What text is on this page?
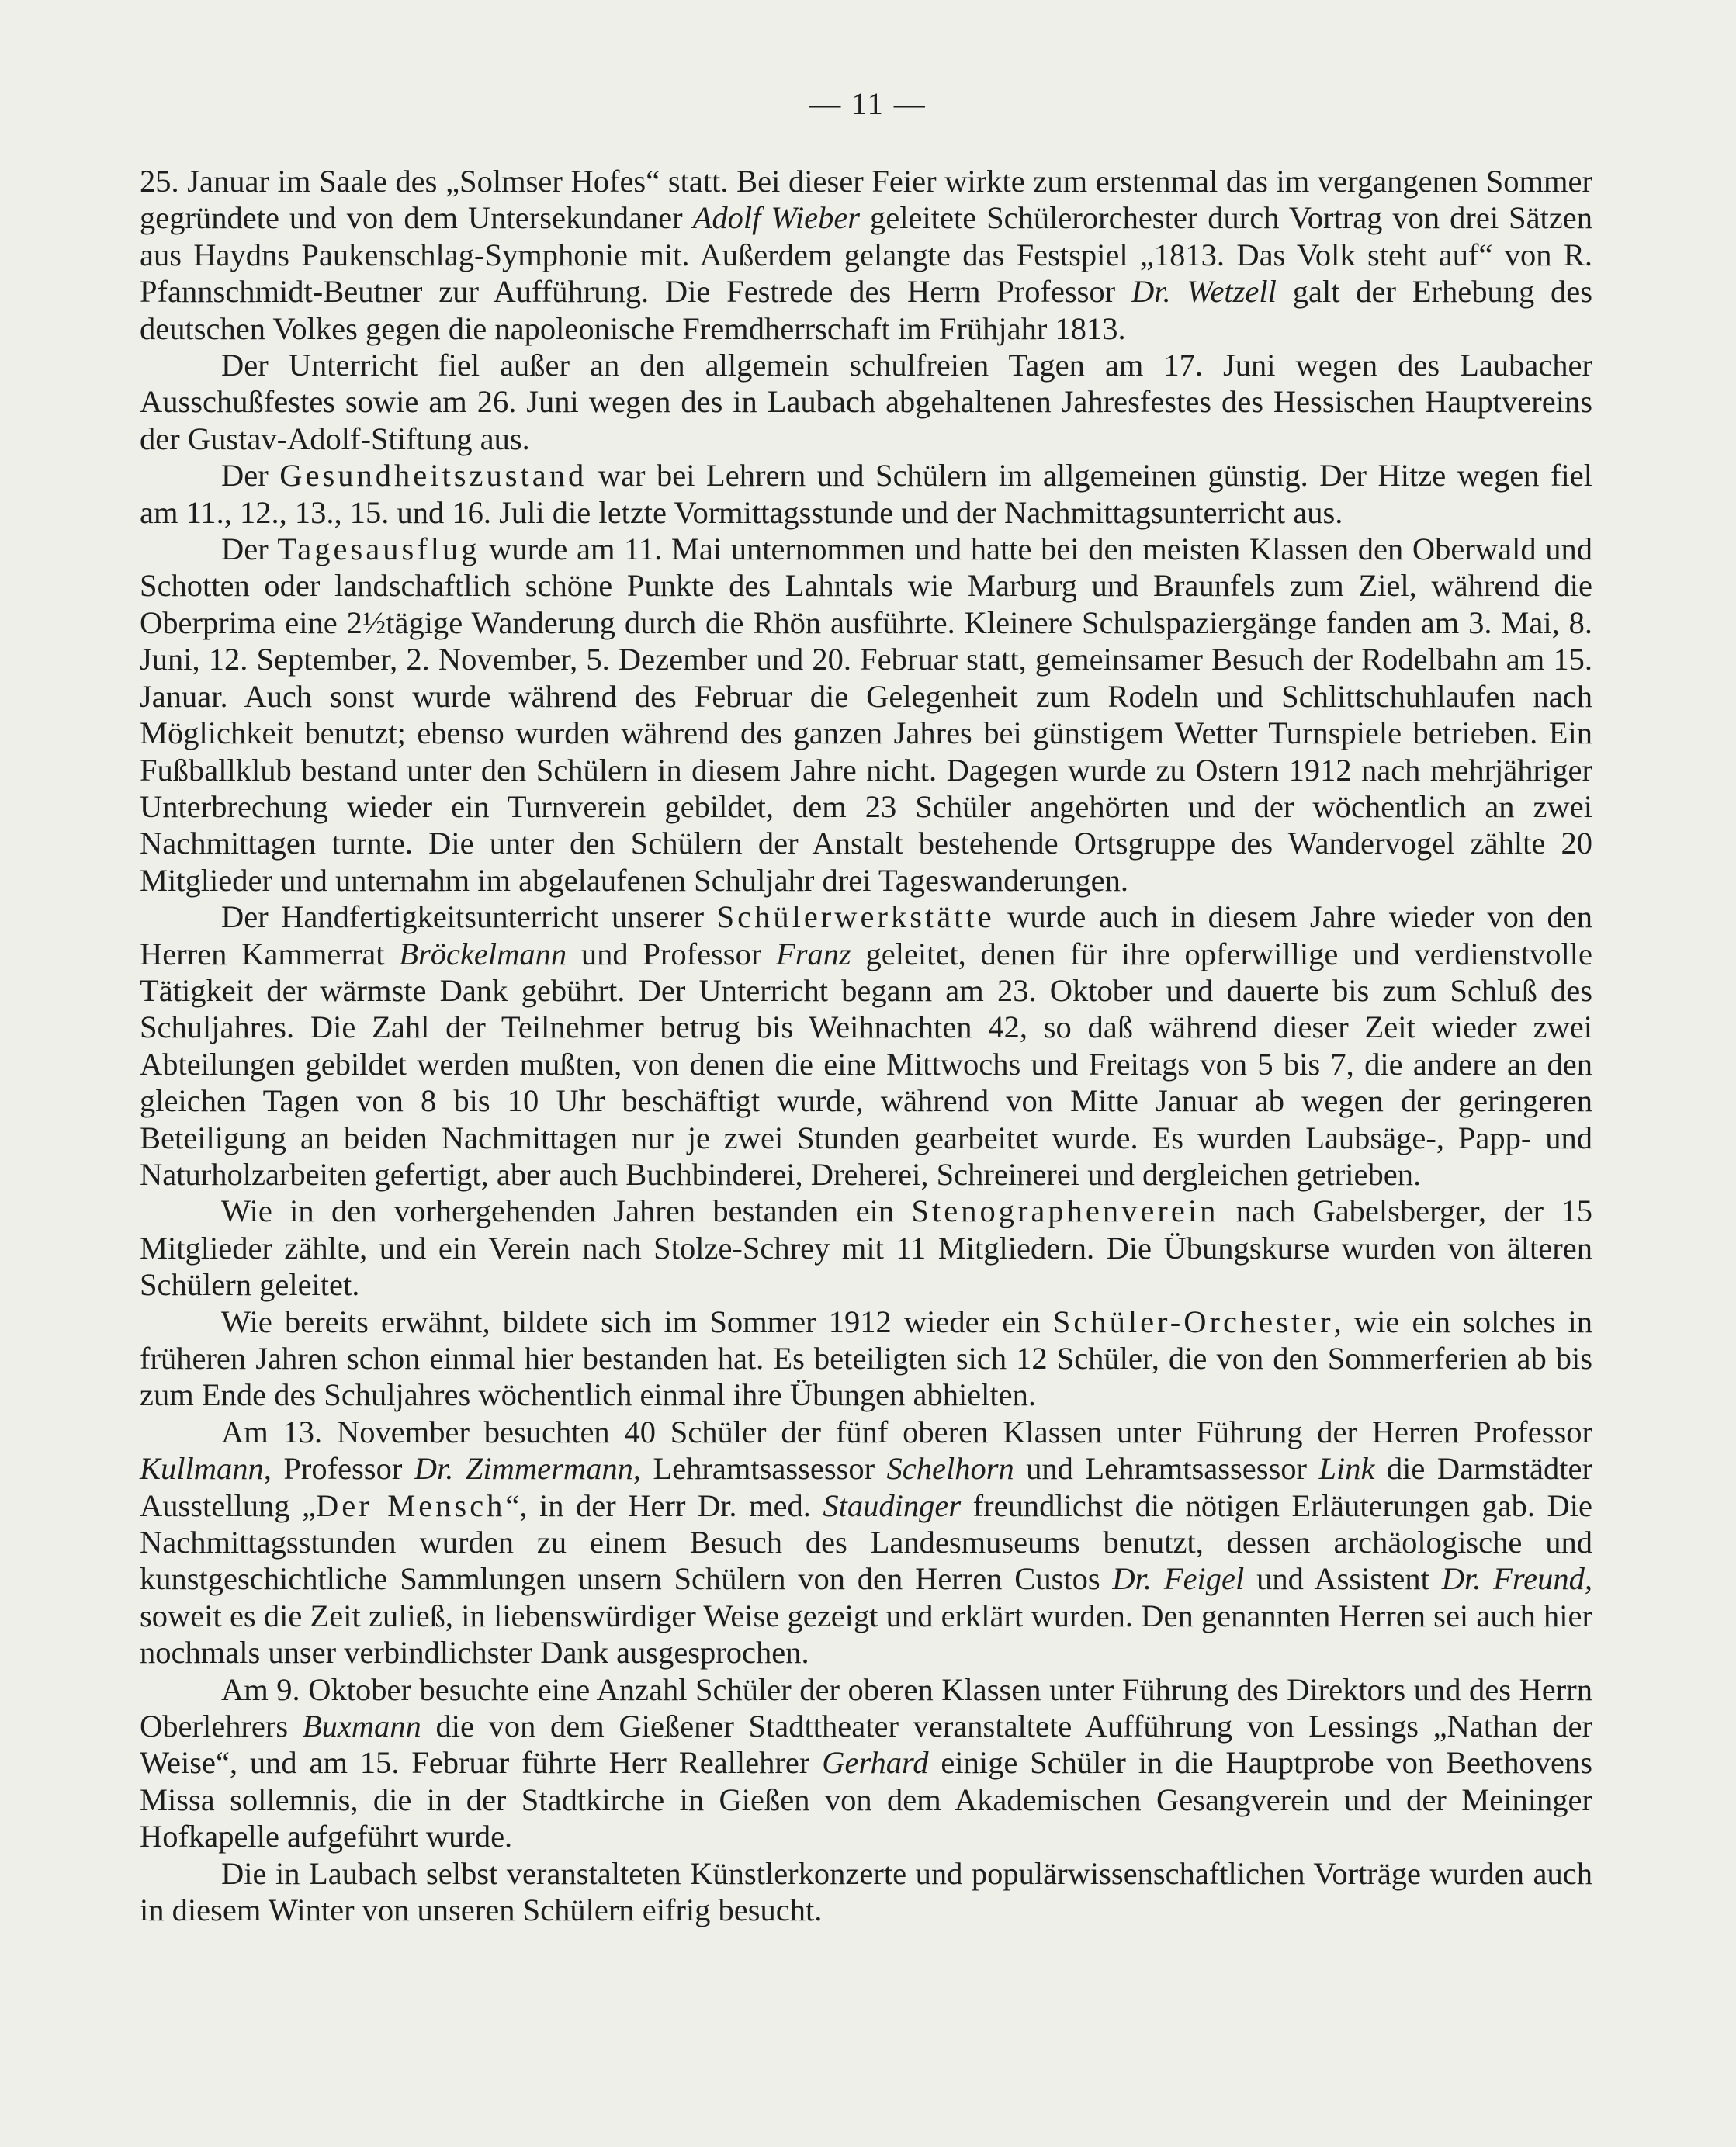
— 11 —

25. Januar im Saale des „Solmser Hofes“ statt. Bei dieser Feier wirkte zum erstenmal das im vergangenen Sommer gegründete und von dem Untersekundaner Adolf Wieber geleitete Schülerorchester durch Vortrag von drei Sätzen aus Haydns Paukenschlag-Symphonie mit. Außerdem gelangte das Festspiel „1813. Das Volk steht auf“ von R. Pfannschmidt-Beutner zur Aufführung. Die Festrede des Herrn Professor Dr. Wetzell galt der Erhebung des deutschen Volkes gegen die napoleonische Fremdherrschaft im Frühjahr 1813.

Der Unterricht fiel außer an den allgemein schulfreien Tagen am 17. Juni wegen des Laubacher Ausschußfestes sowie am 26. Juni wegen des in Laubach abgehaltenen Jahresfestes des Hessischen Hauptvereins der Gustav-Adolf-Stiftung aus.

Der Gesundheitszustand war bei Lehrern und Schülern im allgemeinen günstig. Der Hitze wegen fiel am 11., 12., 13., 15. und 16. Juli die letzte Vormittagsstunde und der Nachmittagsunterricht aus.

Der Tagesausflug wurde am 11. Mai unternommen und hatte bei den meisten Klassen den Oberwald und Schotten oder landschaftlich schöne Punkte des Lahntals wie Marburg und Braunfels zum Ziel, während die Oberprima eine 2½tägige Wanderung durch die Rhön ausführte. Kleinere Schulspaziergänge fanden am 3. Mai, 8. Juni, 12. September, 2. November, 5. Dezember und 20. Februar statt, gemeinsamer Besuch der Rodelbahn am 15. Januar. Auch sonst wurde während des Februar die Gelegenheit zum Rodeln und Schlittschuhlaufen nach Möglichkeit benutzt; ebenso wurden während des ganzen Jahres bei günstigem Wetter Turnspiele betrieben. Ein Fußballklub bestand unter den Schülern in diesem Jahre nicht. Dagegen wurde zu Ostern 1912 nach mehrjähriger Unterbrechung wieder ein Turnverein gebildet, dem 23 Schüler angehörten und der wöchentlich an zwei Nachmittagen turnte. Die unter den Schülern der Anstalt bestehende Ortsgruppe des Wandervogel zählte 20 Mitglieder und unternahm im abgelaufenen Schuljahr drei Tageswanderungen.

Der Handfertigkeitsunterricht unserer Schülerwerkstätte wurde auch in diesem Jahre wieder von den Herren Kammerrat Bröckelmann und Professor Franz geleitet, denen für ihre opferwillige und verdienstvolle Tätigkeit der wärmste Dank gebührt. Der Unterricht begann am 23. Oktober und dauerte bis zum Schluß des Schuljahres. Die Zahl der Teilnehmer betrug bis Weihnachten 42, so daß während dieser Zeit wieder zwei Abteilungen gebildet werden mußten, von denen die eine Mittwochs und Freitags von 5 bis 7, die andere an den gleichen Tagen von 8 bis 10 Uhr beschäftigt wurde, während von Mitte Januar ab wegen der geringeren Beteiligung an beiden Nachmittagen nur je zwei Stunden gearbeitet wurde. Es wurden Laubsäge-, Papp- und Naturholzarbeiten gefertigt, aber auch Buchbinderei, Dreherei, Schreinerei und dergleichen getrieben.

Wie in den vorhergehenden Jahren bestanden ein Stenographenverein nach Gabelsberger, der 15 Mitglieder zählte, und ein Verein nach Stolze-Schrey mit 11 Mitgliedern. Die Übungskurse wurden von älteren Schülern geleitet.

Wie bereits erwähnt, bildete sich im Sommer 1912 wieder ein Schüler-Orchester, wie ein solches in früheren Jahren schon einmal hier bestanden hat. Es beteiligten sich 12 Schüler, die von den Sommerferien ab bis zum Ende des Schuljahres wöchentlich einmal ihre Übungen abhielten.

Am 13. November besuchten 40 Schüler der fünf oberen Klassen unter Führung der Herren Professor Kullmann, Professor Dr. Zimmermann, Lehramtsassessor Schelhorn und Lehramtsassessor Link die Darmstädter Ausstellung „Der Mensch“, in der Herr Dr. med. Staudinger freundlichst die nötigen Erläuterungen gab. Die Nachmittagsstunden wurden zu einem Besuch des Landesmuseums benutzt, dessen archäologische und kunstgeschichtliche Sammlungen unsern Schülern von den Herren Custos Dr. Feigel und Assistent Dr. Freund, soweit es die Zeit zuließ, in liebenswürdiger Weise gezeigt und erklärt wurden. Den genannten Herren sei auch hier nochmals unser verbindlichster Dank ausgesprochen.

Am 9. Oktober besuchte eine Anzahl Schüler der oberen Klassen unter Führung des Direktors und des Herrn Oberlehrers Buxmann die von dem Gießener Stadttheater veranstaltete Aufführung von Lessings „Nathan der Weise“, und am 15. Februar führte Herr Reallehrer Gerhard einige Schüler in die Hauptprobe von Beethovens Missa sollemnis, die in der Stadtkirche in Gießen von dem Akademischen Gesangverein und der Meininger Hofkapelle aufgeführt wurde.

Die in Laubach selbst veranstalteten Künstlerkonzerte und populärwissenschaftlichen Vorträge wurden auch in diesem Winter von unseren Schülern eifrig besucht.
